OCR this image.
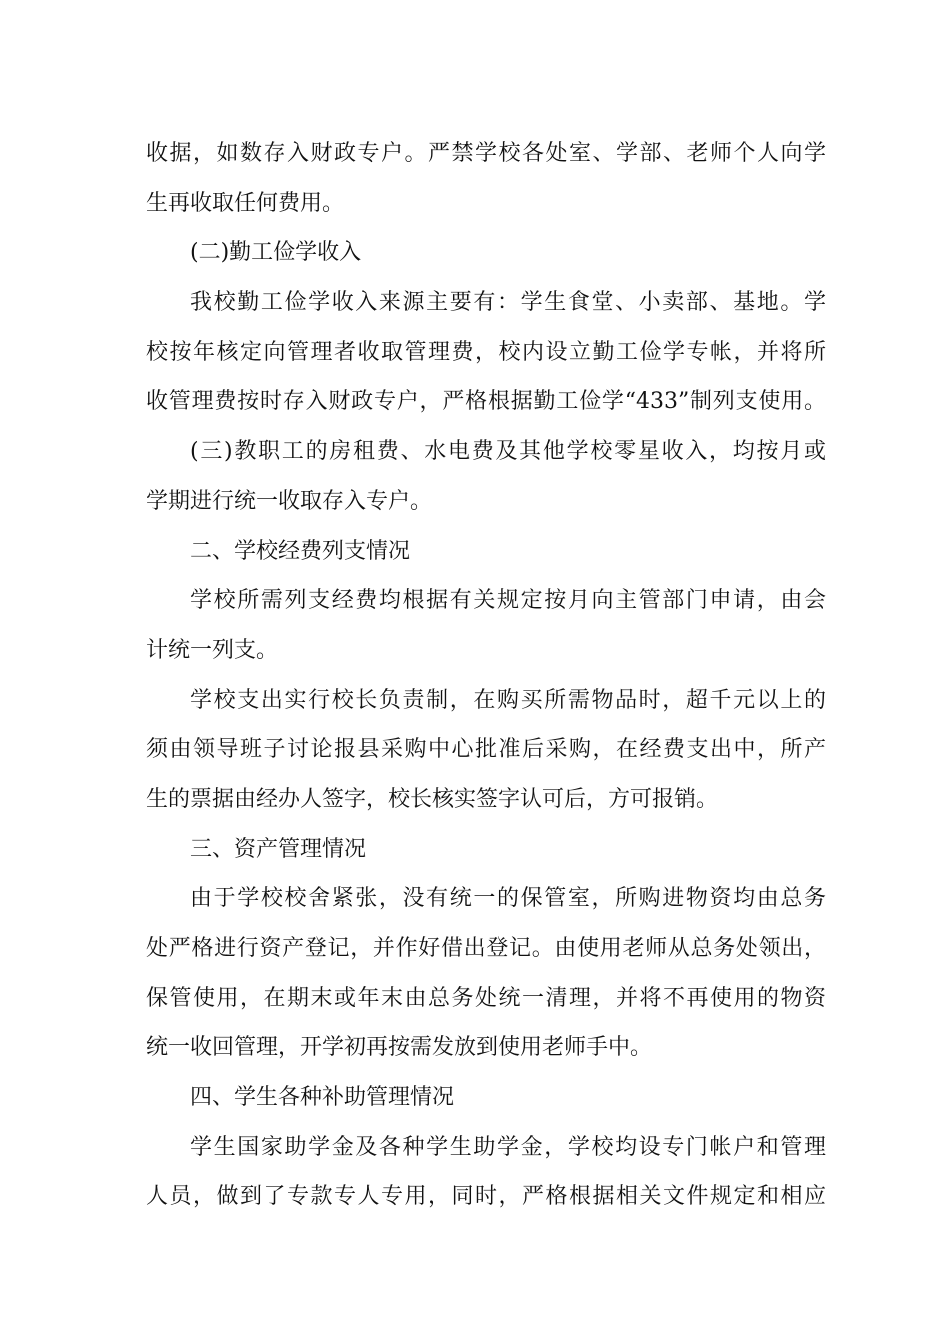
收据，如数存入财政专户。严禁学校各处室、学部、老师个人向学
生再收取任何费用。
(二)勤工俭学收入
我校勤工俭学收入来源主要有：学生食堂、小卖部、基地。学
校按年核定向管理者收取管理费，校内设立勤工俭学专帐，并将所
收管理费按时存入财政专户，严格根据勤工俭学“433”制列支使用。
(三)教职工的房租费、水电费及其他学校零星收入，均按月或
学期进行统一收取存入专户。
二、学校经费列支情况
学校所需列支经费均根据有关规定按月向主管部门申请，由会
计统一列支。
学校支出实行校长负责制，在购买所需物品时，超千元以上的
须由领导班子讨论报县采购中心批准后采购，在经费支出中，所产
生的票据由经办人签字，校长核实签字认可后，方可报销。
三、资产管理情况
由于学校校舍紧张，没有统一的保管室，所购进物资均由总务
处严格进行资产登记，并作好借出登记。由使用老师从总务处领出，
保管使用，在期末或年末由总务处统一清理，并将不再使用的物资
统一收回管理，开学初再按需发放到使用老师手中。
四、学生各种补助管理情况
学生国家助学金及各种学生助学金，学校均设专门帐户和管理
人员，做到了专款专人专用，同时，严格根据相关文件规定和相应
